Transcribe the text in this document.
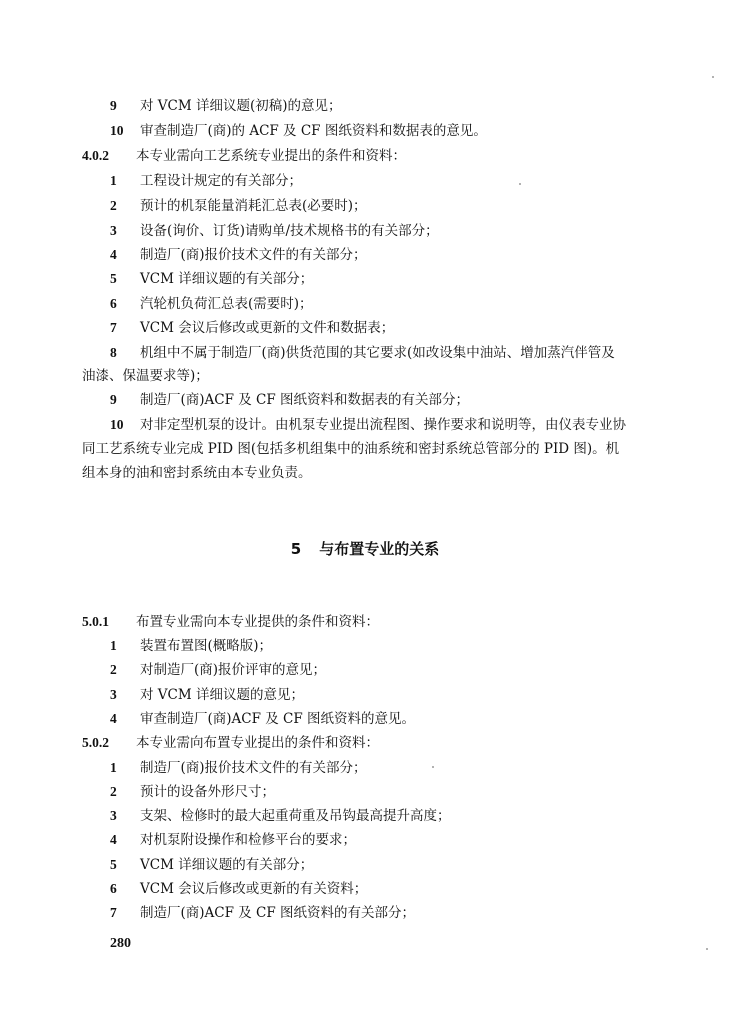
9 对 VCM 详细议题(初稿)的意见；
10 审查制造厂(商)的 ACF 及 CF 图纸资料和数据表的意见。
4.0.2 本专业需向工艺系统专业提出的条件和资料：
1 工程设计规定的有关部分；
2 预计的机泵能量消耗汇总表(必要时)；
3 设备(询价、订货)请购单/技术规格书的有关部分；
4 制造厂(商)报价技术文件的有关部分；
5 VCM 详细议题的有关部分；
6 汽轮机负荷汇总表(需要时)；
7 VCM 会议后修改或更新的文件和数据表；
8 机组中不属于制造厂(商)供货范围的其它要求(如改设集中油站、增加蒸汽伴管及
油漆、保温要求等)；
9 制造厂(商)ACF 及 CF 图纸资料和数据表的有关部分；
10 对非定型机泵的设计。由机泵专业提出流程图、操作要求和说明等，由仪表专业协
同工艺系统专业完成 PID 图(包括多机组集中的油系统和密封系统总管部分的 PID 图)。机
组本身的油和密封系统由本专业负责。
5 与布置专业的关系
5.0.1 布置专业需向本专业提供的条件和资料：
1 装置布置图(概略版)；
2 对制造厂(商)报价评审的意见；
3 对 VCM 详细议题的意见；
4 审查制造厂(商)ACF 及 CF 图纸资料的意见。
5.0.2 本专业需向布置专业提出的条件和资料：
1 制造厂(商)报价技术文件的有关部分；
2 预计的设备外形尺寸；
3 支架、检修时的最大起重荷重及吊钩最高提升高度；
4 对机泵附设操作和检修平台的要求；
5 VCM 详细议题的有关部分；
6 VCM 会议后修改或更新的有关资料；
7 制造厂(商)ACF 及 CF 图纸资料的有关部分；
280
